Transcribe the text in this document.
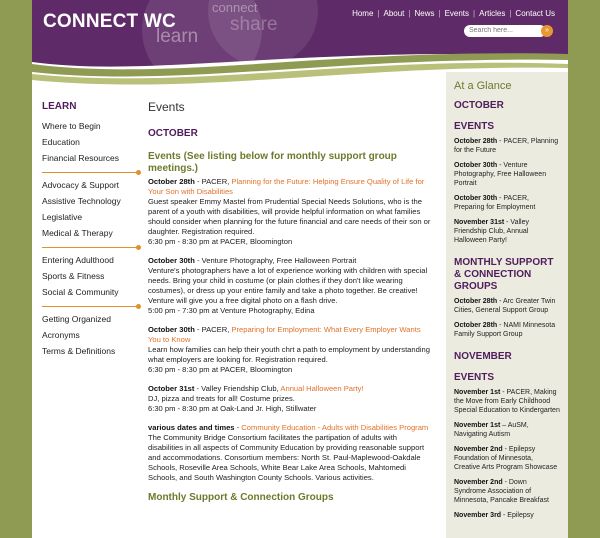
CONNECT WC
learn
connect
share
Home | About | News | Events | Articles | Contact Us
Search here...
»
LEARN
Where to Begin
Education
Financial Resources
Advocacy & Support
Assistive Technology
Legislative
Medical & Therapy
Entering Adulthood
Sports & Fitness
Social & Community
Getting Organized
Acronyms
Terms & Definitions
Events
OCTOBER
Events (See listing below for monthly support group meetings.)
October 28th - PACER, Planning for the Future: Helping Ensure Quality of Life for Your Son with Disabilities
Guest speaker Emmy Mastel from Prudential Special Needs Solutions, who is the parent of a youth with disabilities, will provide helpful information on what families should consider when planning for the future financial and care needs of their son or daughter. Registration required.
6:30 pm - 8:30 pm at PACER, Bloomington
October 30th - Venture Photography, Free Halloween Portrait
Venture's photographers have a lot of experience working with children with special needs. Bring your child in costume (or plain clothes if they don't like wearing costumes), or dress up your entire family and take a photo together. Be creative! Venture will give you a free digital photo on a flash drive.
5:00 pm - 7:30 pm at Venture Photography, Edina
October 30th - PACER, Preparing for Employment: What Every Employer Wants You to Know
Learn how families can help their youth chrt a path to employment by understanding what employers are looking for. Registration required.
6:30 pm - 8:30 pm at PACER, Bloomington
October 31st - Valley Friendship Club, Annual Halloween Party!
DJ, pizza and treats for all! Costume prizes.
6:30 pm - 8:30 pm at Oak-Land Jr. High, Stillwater
various dates and times - Community Education - Adults with Disabilities Program
The Community Bridge Consortium facilitates the partipation of adults with disabilities in all aspects of Community Education by providing reasonable support and accommodations. Consortium members: North St. Paul-Maplewood-Oakdale Schools, Roseville Area Schools, White Bear Lake Area Schools, Mahtomedi Schools, and South Washington County Schools. Various activities.
Monthly Support & Connection Groups
At a Glance
OCTOBER
EVENTS
October 28th - PACER, Planning for the Future
October 30th - Venture Photography, Free Halloween Portrait
October 30th - PACER, Preparing for Employment
November 31st - Valley Friendship Club, Annual Halloween Party!
MONTHLY SUPPORT & CONNECTION GROUPS
October 28th - Arc Greater Twin Cities, General Support Group
October 28th - NAMI Minnesota Family Support Group
NOVEMBER
EVENTS
November 1st - PACER, Making the Move from Early Childhood Special Education to Kindergarten
November 1st – AuSM, Navigating Autism
November 2nd - Epilepsy Foundation of Minnesota, Creative Arts Program Showcase
November 2nd - Down Syndrome Association of Minnesota, Pancake Breakfast
November 3rd - Epilepsy
